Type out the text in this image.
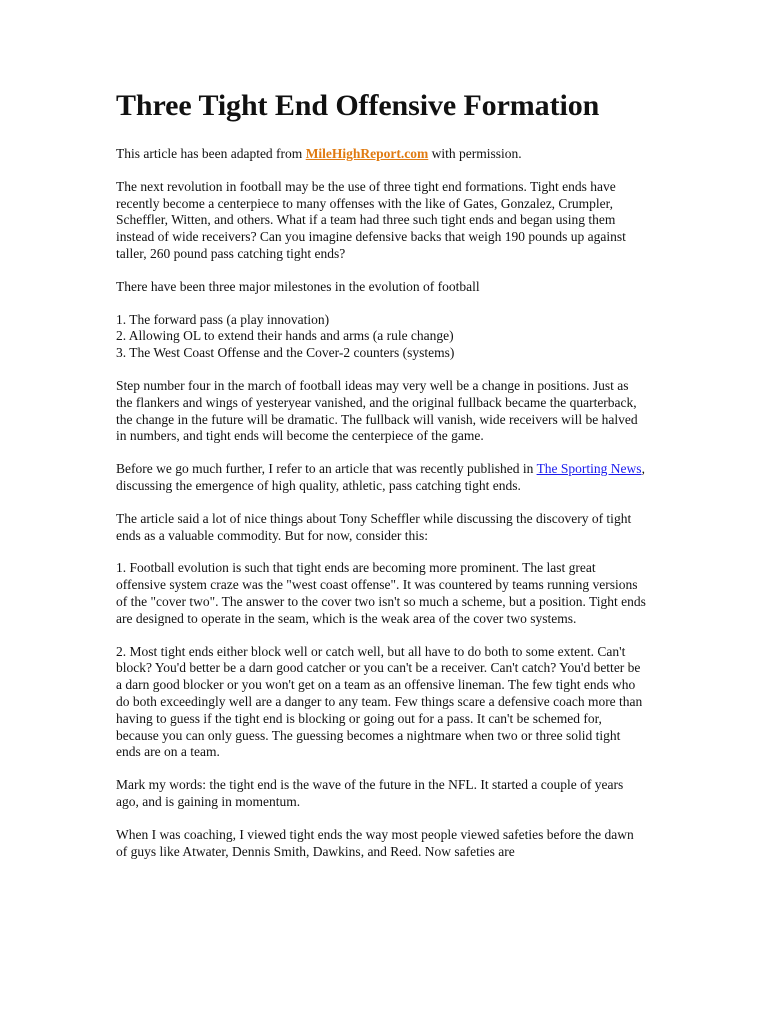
Three Tight End Offensive Formation

This article has been adapted from MileHighReport.com with permission.

The next revolution in football may be the use of three tight end formations. Tight ends have recently become a centerpiece to many offenses with the like of Gates, Gonzalez, Crumpler, Scheffler, Witten, and others. What if a team had three such tight ends and began using them instead of wide receivers? Can you imagine defensive backs that weigh 190 pounds up against taller, 260 pound pass catching tight ends?

There have been three major milestones in the evolution of football

1. The forward pass (a play innovation)
2. Allowing OL to extend their hands and arms (a rule change)
3. The West Coast Offense and the Cover-2 counters (systems)

Step number four in the march of football ideas may very well be a change in positions. Just as the flankers and wings of yesteryear vanished, and the original fullback became the quarterback, the change in the future will be dramatic. The fullback will vanish, wide receivers will be halved in numbers, and tight ends will become the centerpiece of the game.

Before we go much further, I refer to an article that was recently published in The Sporting News, discussing the emergence of high quality, athletic, pass catching tight ends.

The article said a lot of nice things about Tony Scheffler while discussing the discovery of tight ends as a valuable commodity. But for now, consider this:

1. Football evolution is such that tight ends are becoming more prominent. The last great offensive system craze was the "west coast offense". It was countered by teams running versions of the "cover two". The answer to the cover two isn't so much a scheme, but a position. Tight ends are designed to operate in the seam, which is the weak area of the cover two systems.

2. Most tight ends either block well or catch well, but all have to do both to some extent. Can't block? You'd better be a darn good catcher or you can't be a receiver. Can't catch? You'd better be a darn good blocker or you won't get on a team as an offensive lineman. The few tight ends who do both exceedingly well are a danger to any team. Few things scare a defensive coach more than having to guess if the tight end is blocking or going out for a pass. It can't be schemed for, because you can only guess. The guessing becomes a nightmare when two or three solid tight ends are on a team.

Mark my words: the tight end is the wave of the future in the NFL. It started a couple of years ago, and is gaining in momentum.

When I was coaching, I viewed tight ends the way most people viewed safeties before the dawn of guys like Atwater, Dennis Smith, Dawkins, and Reed. Now safeties are
